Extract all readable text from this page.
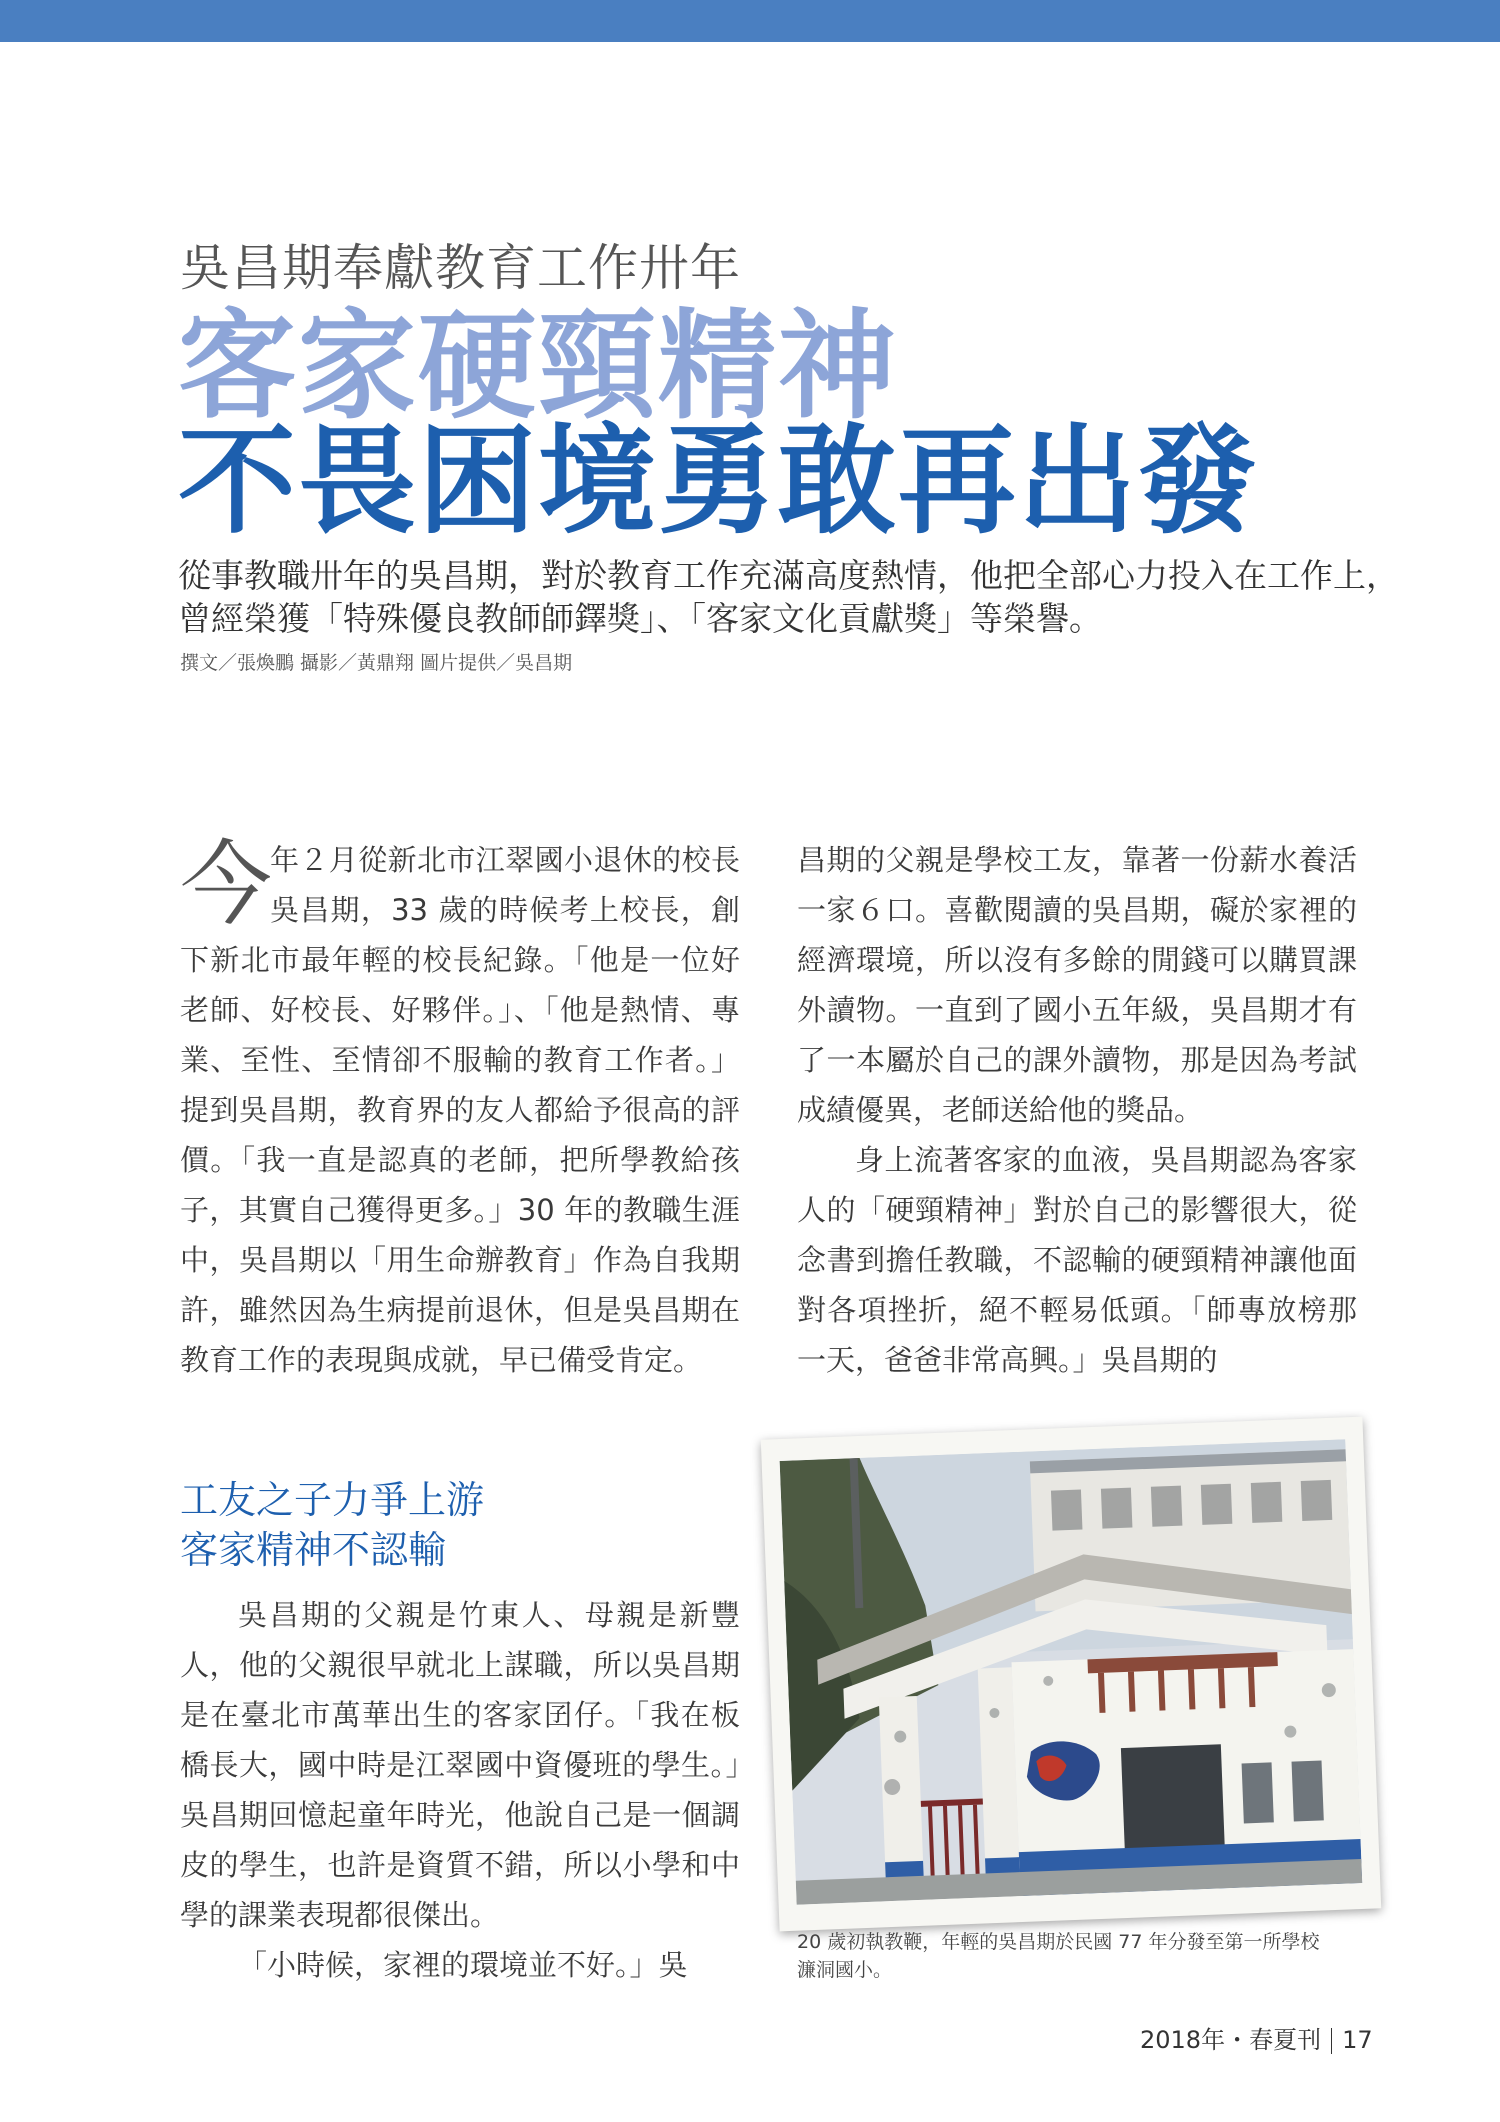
吳昌期奉獻教育工作卅年
客家硬頸精神
不畏困境勇敢再出發

從事教職卅年的吳昌期，對於教育工作充滿高度熱情，他把全部心力投入在工作上，

曾經榮獲「特殊優良教師師鐸獎」、「客家文化貢獻獎」等榮譽。

撰文／張煥鵬 攝影／黃鼎翔 圖片提供／吳昌期
今

年２月從新北市江翠國小退休的校長吳昌期，33 歲的時候考上校長，創下新北市最年輕的校長紀錄。「他是一位好老師、好校長、好夥伴。」、「他是熱情、專業、至性、至情卻不服輸的教育工作者。」提到吳昌期，教育界的友人都給予很高的評價。「我一直是認真的老師，把所學教給孩子，其實自己獲得更多。」30 年的教職生涯中，吳昌期以「用生命辦教育」作為自我期許，雖然因為生病提前退休，但是吳昌期在教育工作的表現與成就，早已備受肯定。

工友之子力爭上游
客家精神不認輸

吳昌期的父親是竹東人、母親是新豐人，他的父親很早就北上謀職，所以吳昌期是在臺北市萬華出生的客家囝仔。「我在板橋長大，國中時是江翠國中資優班的學生。」吳昌期回憶起童年時光，他說自己是一個調皮的學生，也許是資質不錯，所以小學和中學的課業表現都很傑出。

「小時候，家裡的環境並不好。」吳

昌期的父親是學校工友，靠著一份薪水養活一家６口。喜歡閱讀的吳昌期，礙於家裡的經濟環境，所以沒有多餘的閒錢可以購買課外讀物。一直到了國小五年級，吳昌期才有了一本屬於自己的課外讀物，那是因為考試成績優異，老師送給他的獎品。

身上流著客家的血液，吳昌期認為客家人的「硬頸精神」對於自己的影響很大，從念書到擔任教職，不認輸的硬頸精神讓他面對各項挫折，絕不輕易低頭。「師專放榜那一天，爸爸非常高興。」吳昌期的

20 歲初執教鞭，年輕的吳昌期於民國 77 年分發至第一所學校
濂洞國小。
2018年・春夏刊 17
